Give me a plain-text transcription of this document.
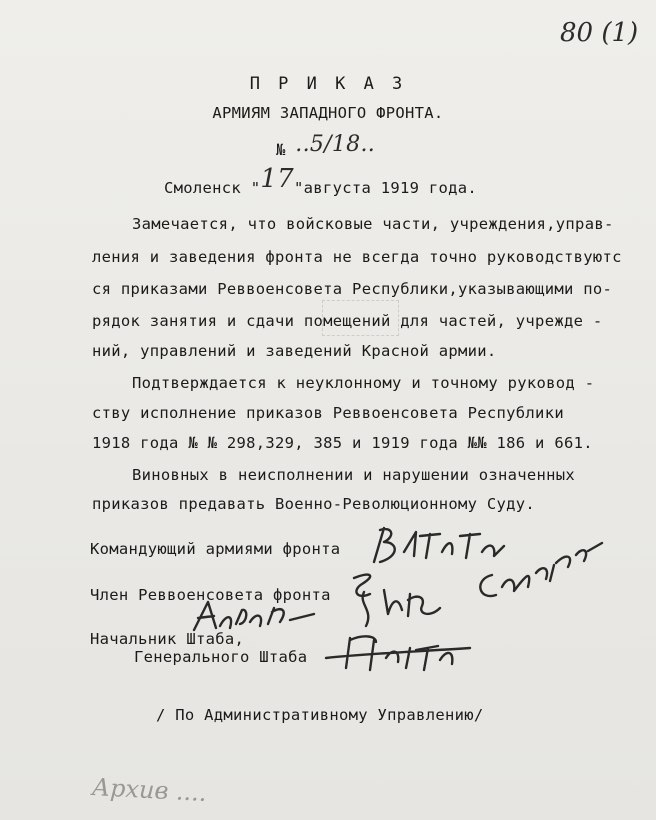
80 (1)
П Р И К А З
АРМИЯМ ЗАПАДНОГО ФРОНТА.
№ ..5/18..
Смоленск "17"августа 1919 года.
Замечается, что войсковые части, учреждения,управ-
ления и заведения фронта не всегда точно руководствуютс
ся приказами Реввоенсовета Республики,указывающими по-
рядок занятия и сдачи помещений для частей, учрежде -
ний, управлений и заведений Красной армии.
Подтверждается к неуклонному и точному руковод -
ству исполнение приказов Реввоенсовета Республики
1918 года № № 298,329, 385 и 1919 года №№ 186 и 661.
Виновных в неисполнении и нарушении означенных
приказов предавать Военно-Революционному Суду.
Командующий армиями фронта
Член Реввоенсовета фронта
Начальник Штаба,
Генерального Штаба
/ По Административному Управлению/
Архив ....
